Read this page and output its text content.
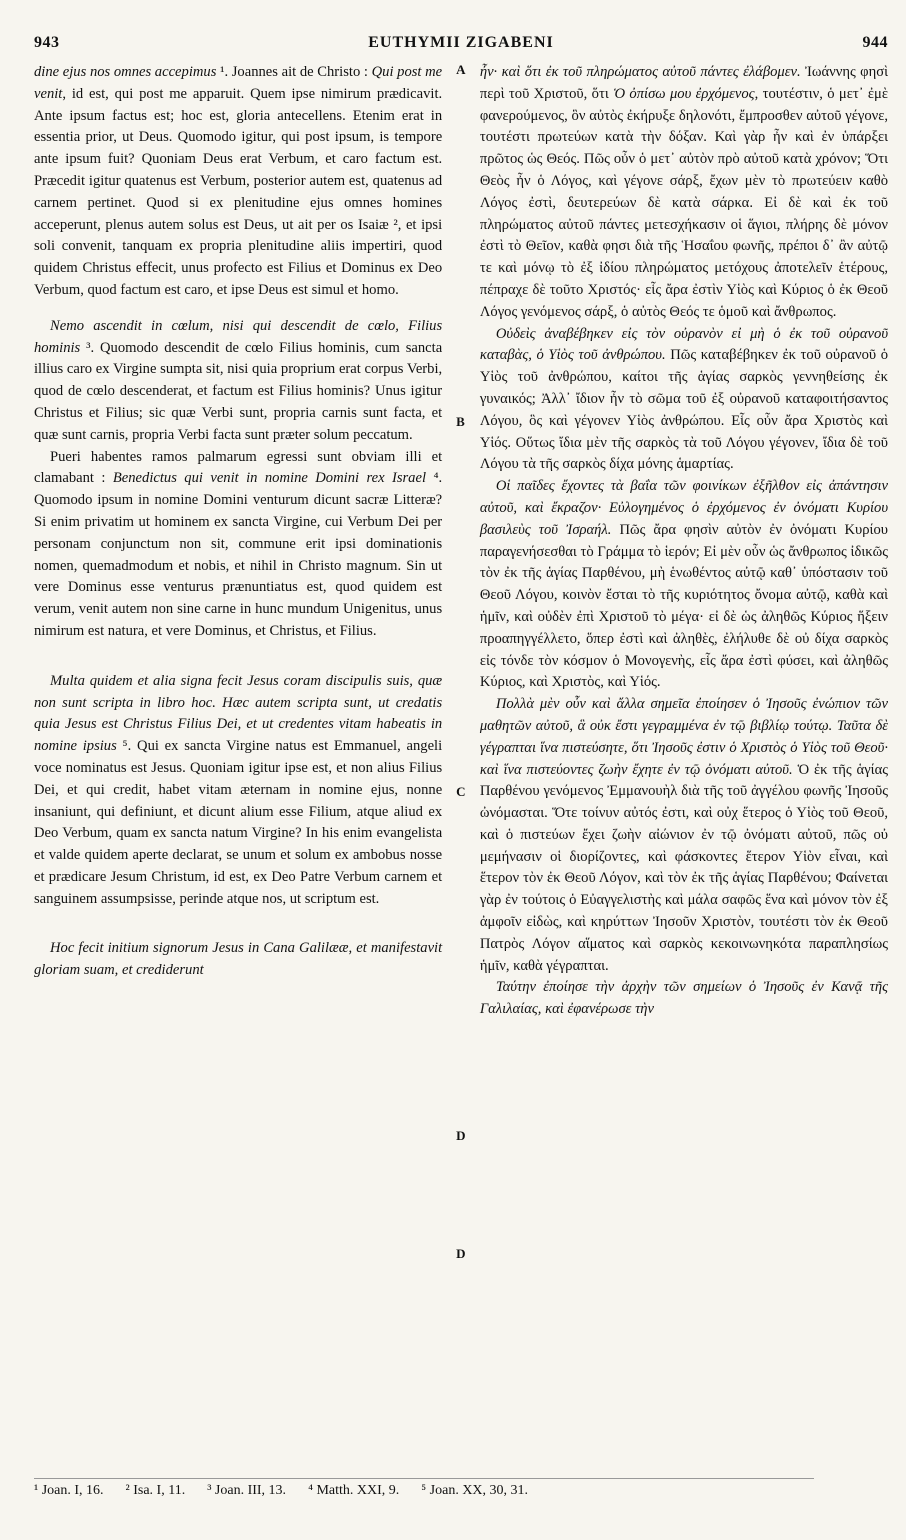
943	EUTHYMII ZIGABENI	944

dine ejus nos omnes accepimus ¹. Joannes ait de Christo : Qui post me venit, id est, qui post me apparuit. Quem ipse nimirum prædicavit. Ante ipsum factus est; hoc est, gloria antecellens. Etenim erat in essentia prior, ut Deus. Quomodo igitur, qui post ipsum, is tempore ante ipsum fuit? Quoniam Deus erat Verbum, et caro factum est. Præcedit igitur quatenus est Verbum, posterior autem est, quatenus ad carnem pertinet. Quod si ex plenitudine ejus omnes homines acceperunt, plenus autem solus est Deus, ut ait per os Isaiæ ², et ipsi soli convenit, tanquam ex propria plenitudine aliis impertiri, quod quidem Christus effecit, unus profecto est Filius et Dominus ex Deo Verbum, quod factum est caro, et ipse Deus est simul et homo.

Nemo ascendit in cœlum, nisi qui descendit de cœlo, Filius hominis ³. Quomodo descendit de cœlo Filius hominis, cum sancta illius caro ex Virgine sumpta sit, nisi quia proprium erat corpus Verbi, quod de cœlo descenderat, et factum est Filius hominis? Unus igitur Christus et Filius; sic quæ Verbi sunt, propria carnis sunt facta, et quæ sunt carnis, propria Verbi facta sunt præter solum peccatum.

Pueri habentes ramos palmarum egressi sunt obviam illi et clamabant : Benedictus qui venit in nomine Domini rex Israel ⁴. Quomodo ipsum in nomine Domini venturum dicunt sacræ Litteræ? Si enim privatim ut hominem ex sancta Virgine, cui Verbum Dei per personam conjunctum non sit, commune erit ipsi dominationis nomen, quemadmodum et nobis, et nihil in Christo magnum. Sin ut vere Dominus esse venturus prænuntiatus est, quod quidem est verum, venit autem non sine carne in hunc mundum Unigenitus, unus nimirum est natura, et vere Dominus, et Christus, et Filius.

Multa quidem et alia signa fecit Jesus coram discipulis suis, quæ non sunt scripta in libro hoc. Hæc autem scripta sunt, ut credatis quia Jesus est Christus Filius Dei, et ut credentes vitam habeatis in nomine ipsius ⁵. Qui ex sancta Virgine natus est Emmanuel, angeli voce nominatus est Jesus. Quoniam igitur ipse est, et non alius Filius Dei, et qui credit, habet vitam æternam in nomine ejus, nonne insaniunt, qui definiunt, et dicunt alium esse Filium, atque aliud ex Deo Verbum, quam ex sancta natum Virgine? In his enim evangelista et valde quidem aperte declarat, se unum et solum ex ambobus nosse et prædicare Jesum Christum, id est, ex Deo Patre Verbum carnem et sanguinem assumpsisse, perinde atque nos, ut scriptum est.

Hoc fecit initium signorum Jesus in Cana Galilææ, et manifestavit gloriam suam, et crediderunt

A
B
C
D
D

ἦν· καὶ ὅτι ἐκ τοῦ πληρώματος αὐτοῦ πάντες ἐλάβομεν. Ἰωάννης φησὶ περὶ τοῦ Χριστοῦ, ὅτι Ὁ ὀπίσω μου ἐρχόμενος, τουτέστιν, ὁ μετ᾽ ἐμὲ φανερούμενος, ὃν αὐτὸς ἐκήρυξε δηλονότι, ἔμπροσθεν αὐτοῦ γέγονε, τουτέστι πρωτεύων κατὰ τὴν δόξαν. Καὶ γὰρ ἦν καὶ ἐν ὑπάρξει πρῶτος ὡς Θεός. Πῶς οὖν ὁ μετ᾽ αὐτὸν πρὸ αὐτοῦ κατὰ χρόνον; Ὅτι Θεὸς ἦν ὁ Λόγος, καὶ γέγονε σάρξ, ἔχων μὲν τὸ πρωτεύειν καθὸ Λόγος ἐστὶ, δευτερεύων δὲ κατὰ σάρκα. Εἰ δὲ καὶ ἐκ τοῦ πληρώματος αὐτοῦ πάντες μετεσχήκασιν οἱ ἅγιοι, πλήρης δὲ μόνον ἐστὶ τὸ Θεῖον, καθὰ φησι διὰ τῆς Ἡσαΐου φωνῆς, πρέποι δ᾽ ἂν αὐτῷ τε καὶ μόνῳ τὸ ἐξ ἰδίου πληρώματος μετόχους ἀποτελεῖν ἑτέρους, πέπραχε δὲ τοῦτο Χριστός· εἷς ἄρα ἐστὶν Υἱὸς καὶ Κύριος ὁ ἐκ Θεοῦ Λόγος γενόμενος σάρξ, ὁ αὐτὸς Θεός τε ὁμοῦ καὶ ἄνθρωπος.

Οὐδεὶς ἀναβέβηκεν εἰς τὸν οὐρανὸν εἰ μὴ ὁ ἐκ τοῦ οὐρανοῦ καταβὰς, ὁ Υἱὸς τοῦ ἀνθρώπου. Πῶς καταβέβηκεν ἐκ τοῦ οὐρανοῦ ὁ Υἱὸς τοῦ ἀνθρώπου, καίτοι τῆς ἁγίας σαρκὸς γεννηθείσης ἐκ γυναικός; Ἀλλ᾽ ἴδιον ἦν τὸ σῶμα τοῦ ἐξ οὐρανοῦ καταφοιτήσαντος Λόγου, ὃς καὶ γέγονεν Υἱὸς ἀνθρώπου. Εἷς οὖν ἄρα Χριστὸς καὶ Υἱός. Οὕτως ἴδια μὲν τῆς σαρκὸς τὰ τοῦ Λόγου γέγονεν, ἴδια δὲ τοῦ Λόγου τὰ τῆς σαρκὸς δίχα μόνης ἁμαρτίας.

Οἱ παῖδες ἔχοντες τὰ βαΐα τῶν φοινίκων ἐξῆλθον εἰς ἀπάντησιν αὐτοῦ, καὶ ἔκραζον· Εὐλογημένος ὁ ἐρχόμενος ἐν ὀνόματι Κυρίου βασιλεὺς τοῦ Ἰσραήλ. Πῶς ἄρα φησὶν αὐτὸν ἐν ὀνόματι Κυρίου παραγενήσεσθαι τὸ Γράμμα τὸ ἱερόν; Εἰ μὲν οὖν ὡς ἄνθρωπος ἰδικῶς τὸν ἐκ τῆς ἁγίας Παρθένου, μὴ ἑνωθέντος αὐτῷ καθ᾽ ὑπόστασιν τοῦ Θεοῦ Λόγου, κοινὸν ἔσται τὸ τῆς κυριότητος ὄνομα αὐτῷ, καθὰ καὶ ἡμῖν, καὶ οὐδὲν ἐπὶ Χριστοῦ τὸ μέγα· εἰ δὲ ὡς ἀληθῶς Κύριος ἥξειν προαπηγγέλλετο, ὅπερ ἐστὶ καὶ ἀληθὲς, ἐλήλυθε δὲ οὐ δίχα σαρκὸς εἰς τόνδε τὸν κόσμον ὁ Μονογενὴς, εἷς ἄρα ἐστὶ φύσει, καὶ ἀληθῶς Κύριος, καὶ Χριστὸς, καὶ Υἱός.

Πολλὰ μὲν οὖν καὶ ἄλλα σημεῖα ἐποίησεν ὁ Ἰησοῦς ἐνώπιον τῶν μαθητῶν αὐτοῦ, ἃ οὐκ ἔστι γεγραμμένα ἐν τῷ βιβλίῳ τούτῳ. Ταῦτα δὲ γέγραπται ἵνα πιστεύσητε, ὅτι Ἰησοῦς ἐστιν ὁ Χριστὸς ὁ Υἱὸς τοῦ Θεοῦ· καὶ ἵνα πιστεύοντες ζωὴν ἔχητε ἐν τῷ ὀνόματι αὐτοῦ. Ὁ ἐκ τῆς ἁγίας Παρθένου γενόμενος Ἐμμανουὴλ διὰ τῆς τοῦ ἀγγέλου φωνῆς Ἰησοῦς ὠνόμασται. Ὅτε τοίνυν αὐτός ἐστι, καὶ οὐχ ἕτερος ὁ Υἱὸς τοῦ Θεοῦ, καὶ ὁ πιστεύων ἔχει ζωὴν αἰώνιον ἐν τῷ ὀνόματι αὐτοῦ, πῶς οὐ μεμήνασιν οἱ διορίζοντες, καὶ φάσκοντες ἕτερον Υἱὸν εἶναι, καὶ ἕτερον τὸν ἐκ Θεοῦ Λόγον, καὶ τὸν ἐκ τῆς ἁγίας Παρθένου; Φαίνεται γὰρ ἐν τούτοις ὁ Εὐαγγελιστὴς καὶ μάλα σαφῶς ἕνα καὶ μόνον τὸν ἐξ ἀμφοῖν εἰδὼς, καὶ κηρύττων Ἰησοῦν Χριστὸν, τουτέστι τὸν ἐκ Θεοῦ Πατρὸς Λόγον αἵματος καὶ σαρκὸς κεκοινωνηκότα παραπλησίως ἡμῖν, καθὰ γέγραπται.

Ταύτην ἐποίησε τὴν ἀρχὴν τῶν σημείων ὁ Ἰησοῦς ἐν Κανᾷ τῆς Γαλιλαίας, καὶ ἐφανέρωσε τὴν

¹ Joan. I, 16. ² Isa. I, 11. ³ Joan. III, 13. ⁴ Matth. XXI, 9. ⁵ Joan. XX, 30, 31.
